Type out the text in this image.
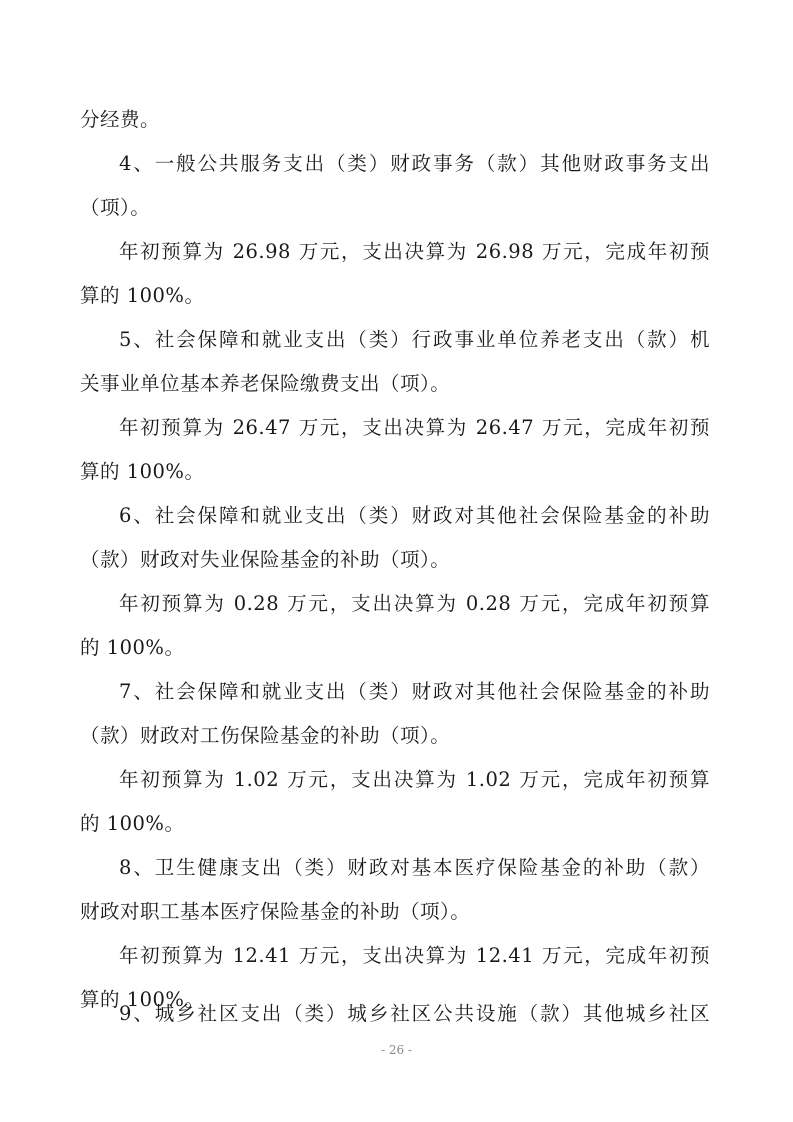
分经费。
4、一般公共服务支出（类）财政事务（款）其他财政事务支出
（项）。
年初预算为 26.98 万元，支出决算为 26.98 万元，完成年初预
算的 100%。
5、社会保障和就业支出（类）行政事业单位养老支出（款）机
关事业单位基本养老保险缴费支出（项）。
年初预算为 26.47 万元，支出决算为 26.47 万元，完成年初预
算的 100%。
6、社会保障和就业支出（类）财政对其他社会保险基金的补助
（款）财政对失业保险基金的补助（项）。
年初预算为 0.28 万元，支出决算为 0.28 万元，完成年初预算
的 100%。
7、社会保障和就业支出（类）财政对其他社会保险基金的补助
（款）财政对工伤保险基金的补助（项）。
年初预算为 1.02 万元，支出决算为 1.02 万元，完成年初预算
的 100%。
8、卫生健康支出（类）财政对基本医疗保险基金的补助（款）
财政对职工基本医疗保险基金的补助（项）。
年初预算为 12.41 万元，支出决算为 12.41 万元，完成年初预
算的 100%。
9、城乡社区支出（类）城乡社区公共设施（款）其他城乡社区
- 26 -
